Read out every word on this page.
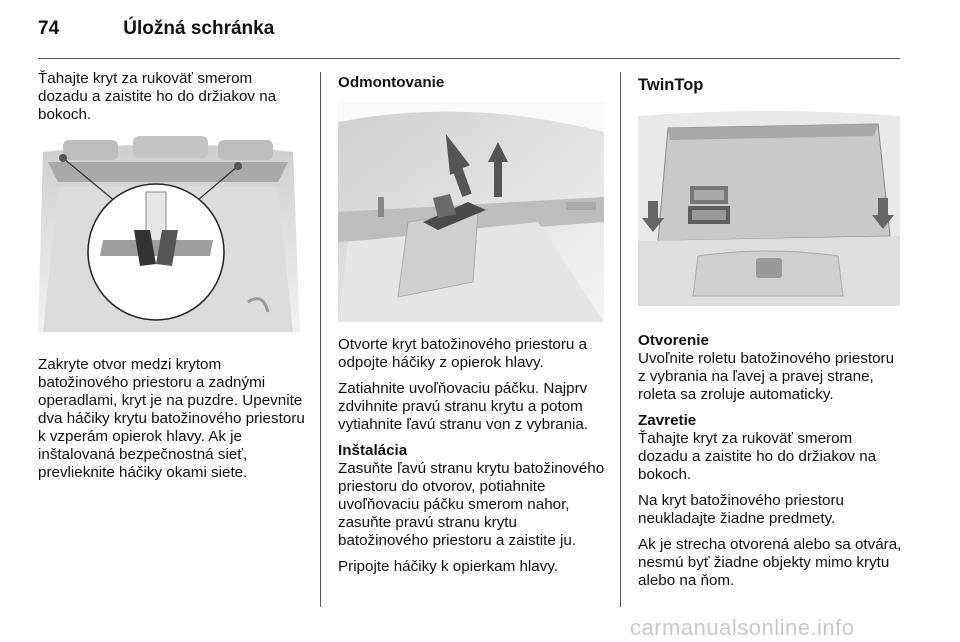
74	Úložná schránka

Ťahajte kryt za rukoväť smerom dozadu a zaistite ho do držiakov na bokoch.

Zakryte otvor medzi krytom batožinového priestoru a zadnými operadlami, kryt je na puzdre. Upevnite dva háčiky krytu batožinového priestoru k vzperám opierok hlavy. Ak je inštalovaná bezpečnostná sieť, prevlieknite háčiky okami siete.

Odmontovanie

Otvorte kryt batožinového priestoru a odpojte háčiky z opierok hlavy.

Zatiahnite uvoľňovaciu páčku. Najprv zdvihnite pravú stranu krytu a potom vytiahnite ľavú stranu von z vybrania.

Inštalácia

Zasuňte ľavú stranu krytu batožinového priestoru do otvorov, potiahnite uvoľňovaciu páčku smerom nahor, zasuňte pravú stranu krytu batožinového priestoru a zaistite ju.

Pripojte háčiky k opierkam hlavy.

TwinTop
Otvorenie

Uvoľnite roletu batožinového priestoru z vybrania na ľavej a pravej strane, roleta sa zroluje automaticky.

Zavretie

Ťahajte kryt za rukoväť smerom dozadu a zaistite ho do držiakov na bokoch.

Na kryt batožinového priestoru neukladajte žiadne predmety.

Ak je strecha otvorená alebo sa otvára, nesmú byť žiadne objekty mimo krytu alebo na ňom.

carmanualsonline.info
